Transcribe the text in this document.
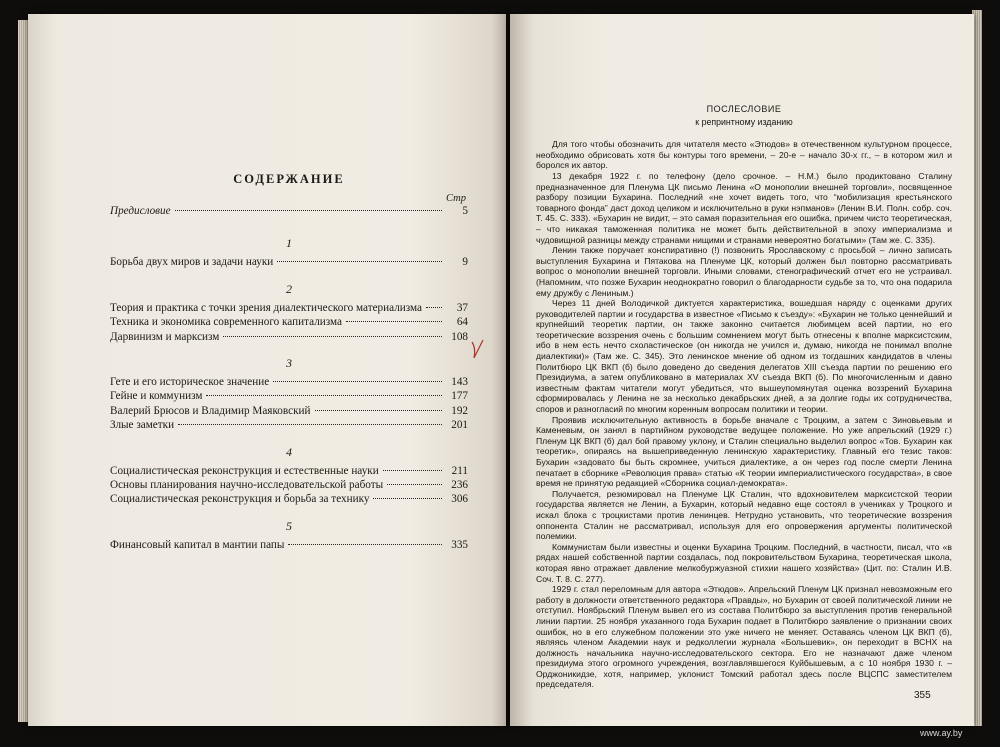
СОДЕРЖАНИЕ
Стр
Предисловие	5
1
Борьба двух миров и задачи науки	9
2
Теория и практика с точки зрения диалектического материализма	37
Техника и экономика современного капитализма	64
Дарвинизм и марксизм	108
3
Гете и его историческое значение	143
Гейне и коммунизм	177
Валерий Брюсов и Владимир Маяковский	192
Злые заметки	201
4
Социалистическая реконструкция и естественные науки	211
Основы планирования научно-исследовательской работы	236
Социалистическая реконструкция и борьба за технику	306
5
Финансовый капитал в мантии папы	335
ПОСЛЕСЛОВИЕ
к репринтному изданию

Для того чтобы обозначить для читателя место «Этюдов» в отечественном культурном процессе, необходимо обрисовать хотя бы контуры того времени, – 20-е – начало 30-х гг., – в котором жил и боролся их автор.

13 декабря 1922 г. по телефону (дело срочное. – Н.М.) было продиктовано Сталину предназначенное для Пленума ЦК письмо Ленина «О монополии внешней торговли», посвященное разбору позиции Бухарина. Последний «не хочет видеть того, что “мобилизация крестьянского товарного фонда” даст доход целиком и исключительно в руки нэпманов» (Ленин В.И. Полн. собр. соч. Т. 45. С. 333). «Бухарин не видит, – это самая поразительная его ошибка, причем чисто теоретическая, – что никакая таможенная политика не может быть действительной в эпоху империализма и чудовищной разницы между странами нищими и странами невероятно богатыми» (Там же. С. 335).

Ленин также поручает конспиративно (!) позвонить Ярославскому с просьбой – лично записать выступления Бухарина и Пятакова на Пленуме ЦК, который должен был повторно рассматривать вопрос о монополии внешней торговли. Иными словами, стенографический отчет его не устраивал. (Напомним, что позже Бухарин неоднократно говорил о благодарности судьбе за то, что она подарила ему дружбу с Лениным.)

Через 11 дней Володичкой диктуется характеристика, вошедшая наряду с оценками других руководителей партии и государства в известное «Письмо к съезду»: «Бухарин не только ценнейший и крупнейший теоретик партии, он также законно считается любимцем всей партии, но его теоретические воззрения очень с большим сомнением могут быть отнесены к вполне марксистским, ибо в нем есть нечто схоластическое (он никогда не учился и, думаю, никогда не понимал вполне диалектики)» (Там же. С. 345). Это ленинское мнение об одном из тогдашних кандидатов в члены Политбюро ЦК ВКП (б) было доведено до сведения делегатов XIII съезда партии по решению его Президиума, а затем опубликовано в материалах XV съезда ВКП (б). По многочисленным и давно известным фактам читатели могут убедиться, что вышеупомянутая оценка воззрений Бухарина сформировалась у Ленина не за несколько декабрьских дней, а за долгие годы их сотрудничества, споров и разногласий по многим коренным вопросам политики и теории.

Проявив исключительную активность в борьбе вначале с Троцким, а затем с Зиновьевым и Каменевым, он занял в партийном руководстве ведущее положение. Но уже апрельский (1929 г.) Пленум ЦК ВКП (б) дал бой правому уклону, и Сталин специально выделил вопрос «Тов. Бухарин как теоретик», опираясь на вышеприведенную ленинскую характеристику. Главный его тезис таков: Бухарин «задовато бы быть скромнее, учиться диалектике, а он через год после смерти Ленина печатает в сборнике «Революция права» статью «К теории империалистического государства», в свое время не принятую редакцией «Сборника социал-демократа».

Получается, резюмировал на Пленуме ЦК Сталин, что вдохновителем марксистской теории государства является не Ленин, а Бухарин, который недавно еще состоял в учениках у Троцкого и искал блока с троцкистами против ленинцев. Нетрудно установить, что теоретические воззрения оппонента Сталин не рассматривал, используя для его опровержения аргументы политической полемики.

Коммунистам были известны и оценки Бухарина Троцким. Последний, в частности, писал, что «в рядах нашей собственной партии создалась, под покровительством Бухарина, теоретическая школа, которая явно отражает давление мелкобуржуазной стихии нашего хозяйства» (Цит. по: Сталин И.В. Соч. Т. 8. С. 277).

1929 г. стал переломным для автора «Этюдов». Апрельский Пленум ЦК признал невозможным его работу в должности ответственного редактора «Правды», но Бухарин от своей политической линии не отступил. Ноябрьский Пленум вывел его из состава Политбюро за выступления против генеральной линии партии. 25 ноября указанного года Бухарин подает в Политбюро заявление о признании своих ошибок, но в его служебном положении это уже ничего не меняет. Оставаясь членом ЦК ВКП (б), являясь членом Академии наук и редколлегии журнала «Большевик», он переходит в ВСНХ на должность начальника научно-исследовательского сектора. Его не назначают даже членом президиума этого огромного учреждения, возглавлявшегося Куйбышевым, а с 10 ноября 1930 г. – Орджоникидзе, хотя, например, уклонист Томский работал здесь после ВЦСПС заместителем председателя.

355
www.ay.by
